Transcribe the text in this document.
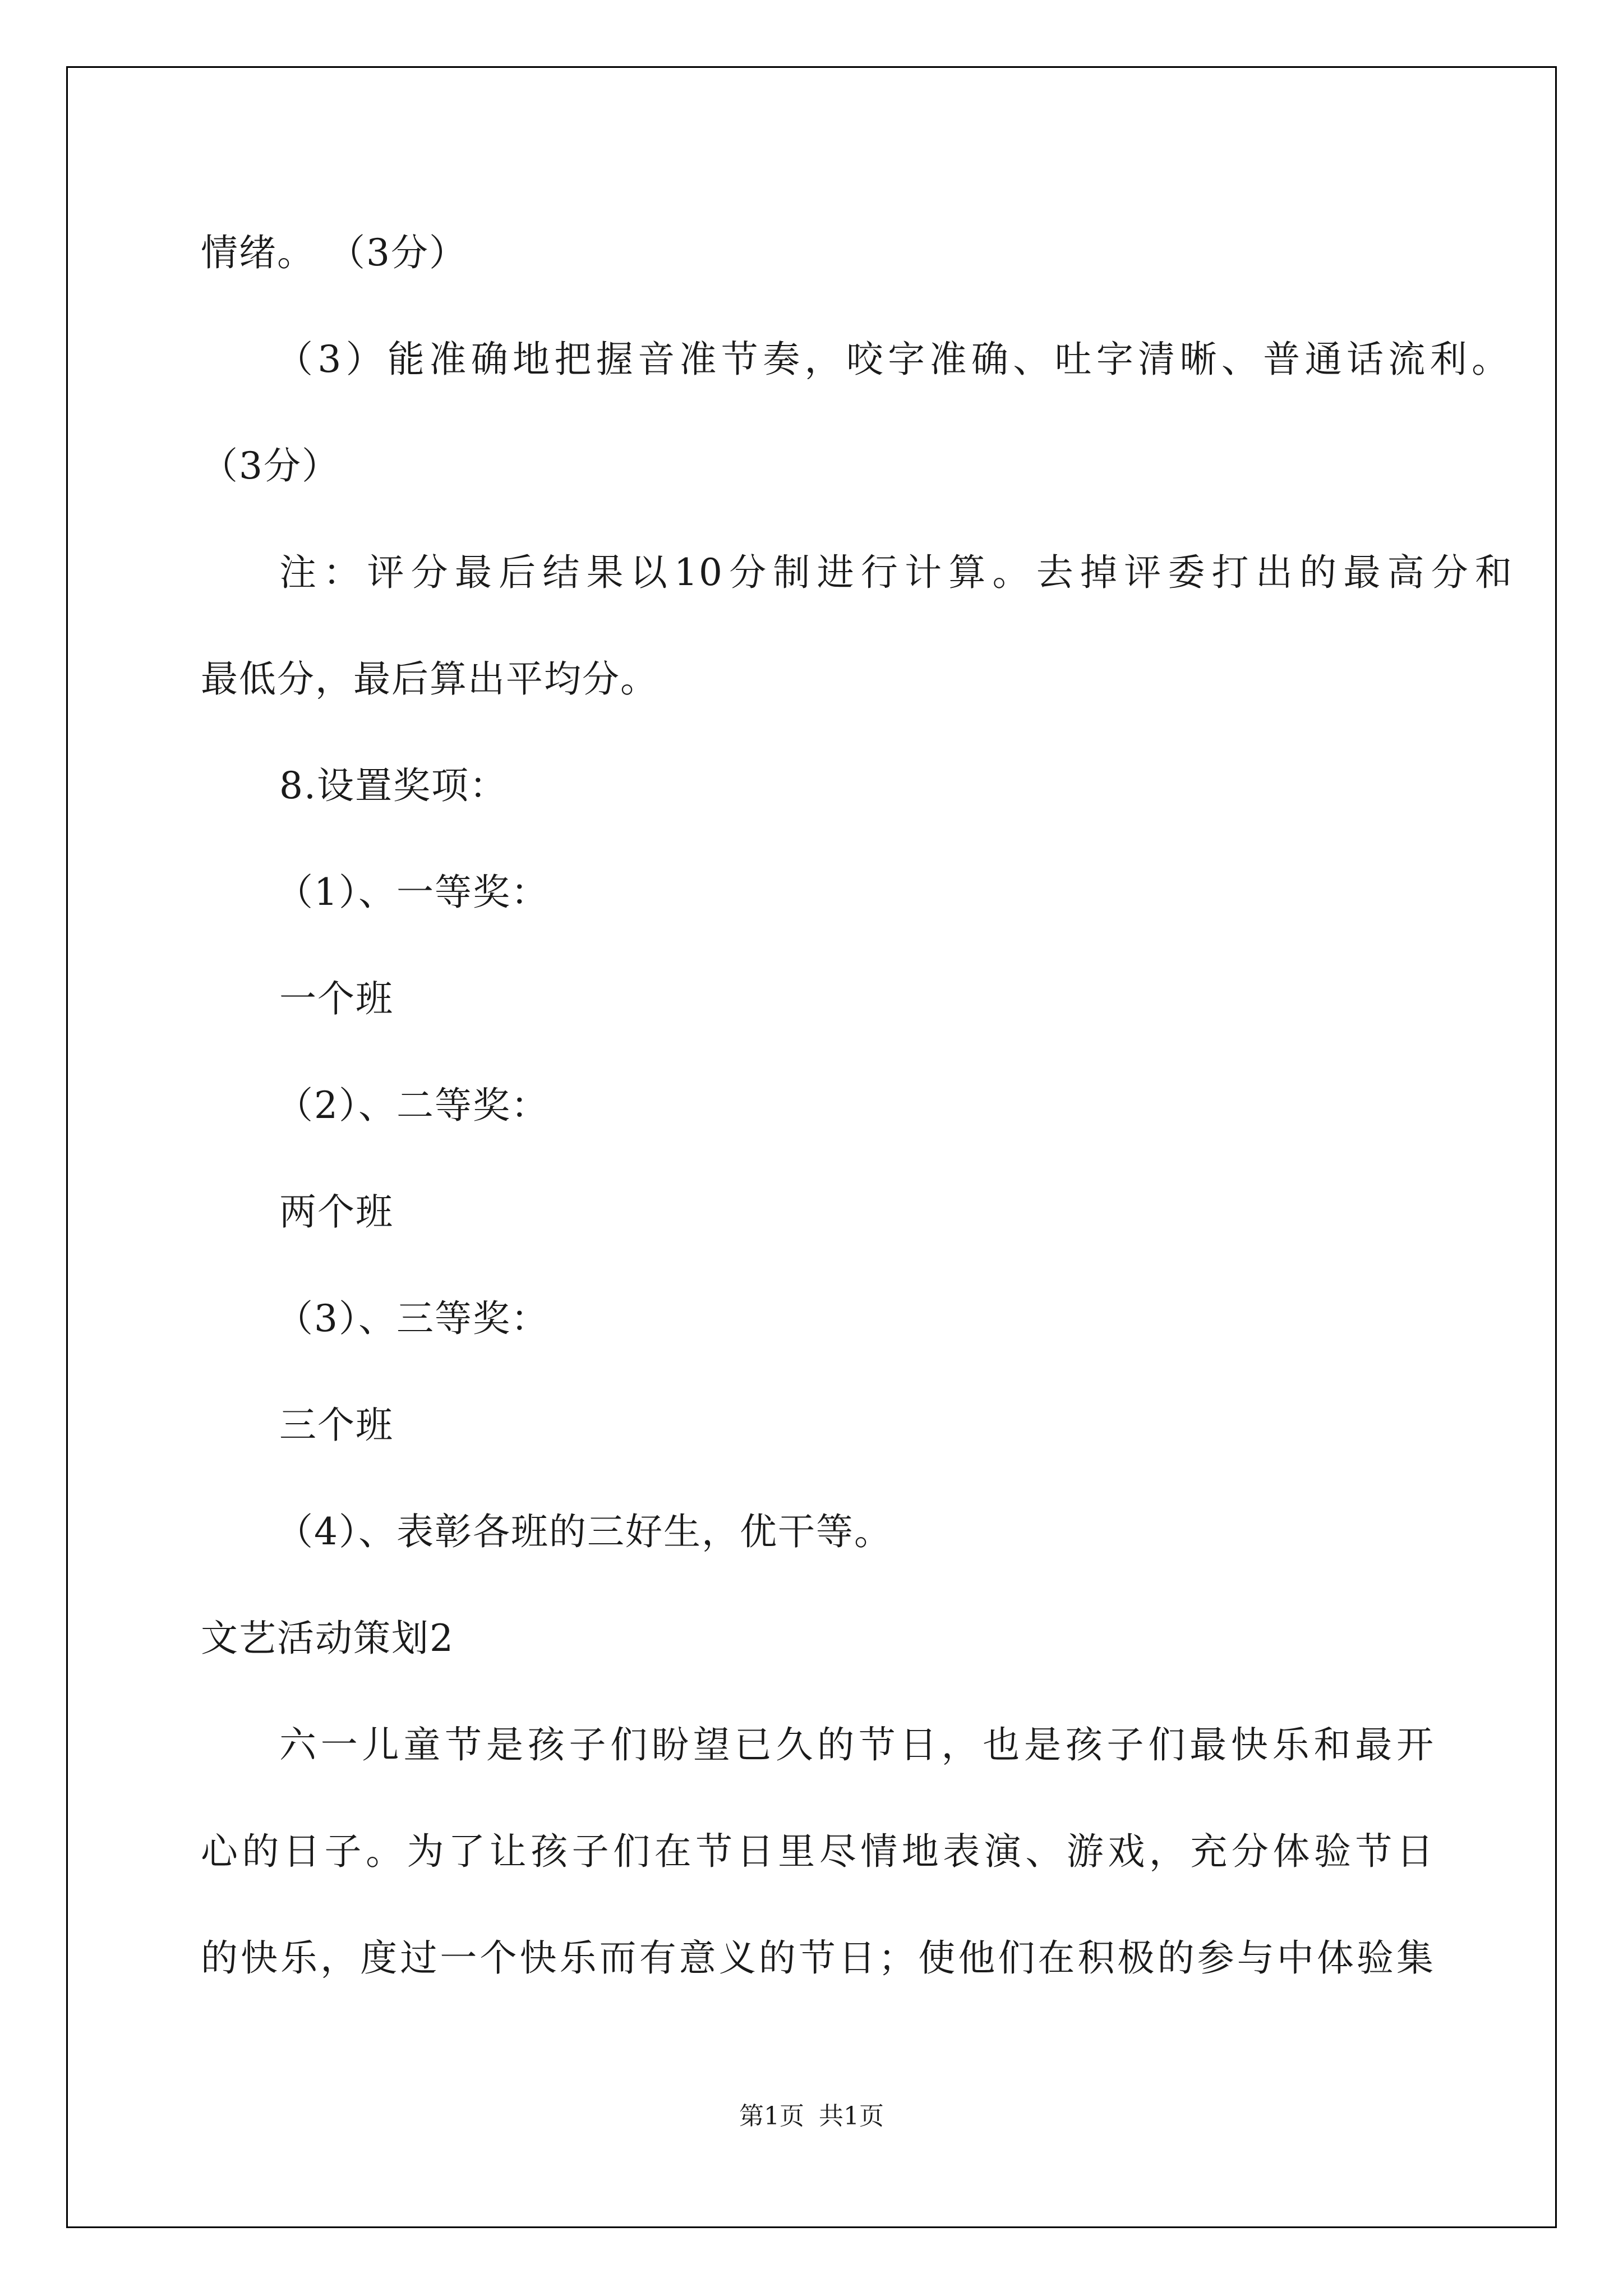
情绪。 （3分）
（3）能准确地把握音准节奏，咬字准确、吐字清晰、普通话流利。
（3分）
注：评分最后结果以10分制进行计算。去掉评委打出的最高分和
最低分，最后算出平均分。
8.设置奖项：
（1）、一等奖：
一个班
（2）、二等奖：
两个班
（3）、三等奖：
三个班
（4）、表彰各班的三好生，优干等。
文艺活动策划2
六一儿童节是孩子们盼望已久的节日，也是孩子们最快乐和最开
心的日子。为了让孩子们在节日里尽情地表演、游戏，充分体验节日
的快乐，度过一个快乐而有意义的节日；使他们在积极的参与中体验集
第1页 共1页
